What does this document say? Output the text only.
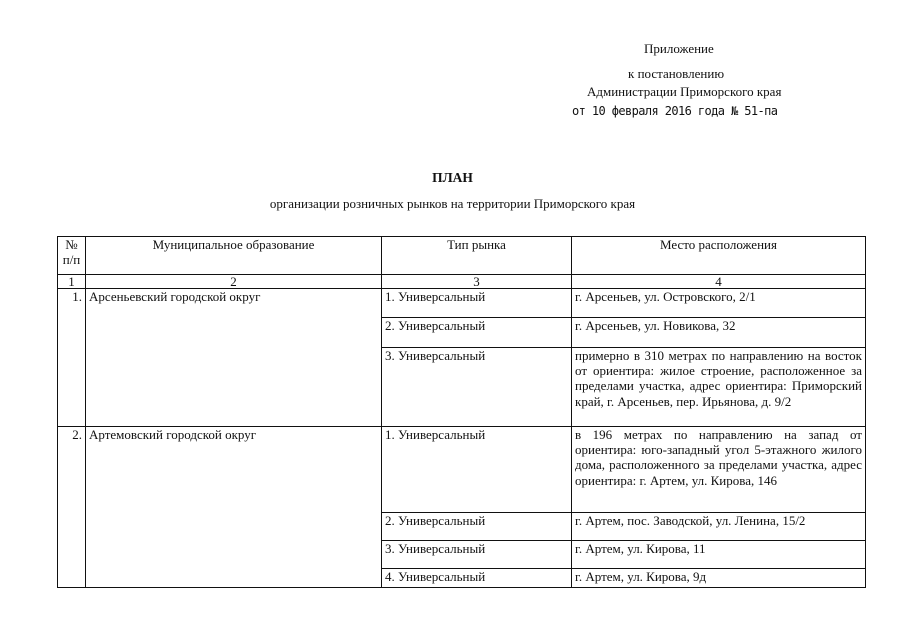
Приложение
к постановлению
Администрации Приморского края
от 10 февраля 2016 года № 51-па
ПЛАН
организации розничных рынков на территории Приморского края
№ п/п	Муниципальное образование	Тип рынка	Место расположения
1	2	3	4
1.	Арсеньевский городской округ	1. Универсальный	г. Арсеньев, ул. Островского, 2/1
		2. Универсальный	г. Арсеньев, ул. Новикова, 32
		3. Универсальный	примерно в 310 метрах по направлению на восток от ориентира: жилое строение, расположенное за пределами участка, адрес ориентира: Приморский край, г. Арсеньев, пер. Ирьянова, д. 9/2
2.	Артемовский городской округ	1. Универсальный	в 196 метрах по направлению на запад от ориентира: юго-западный угол 5-этажного жилого дома, расположенного за пределами участка, адрес ориентира: г. Артем, ул. Кирова, 146
		2. Универсальный	г. Артем, пос. Заводской, ул. Ленина, 15/2
		3. Универсальный	г. Артем, ул. Кирова, 11
		4. Универсальный	г. Артем, ул. Кирова, 9д
